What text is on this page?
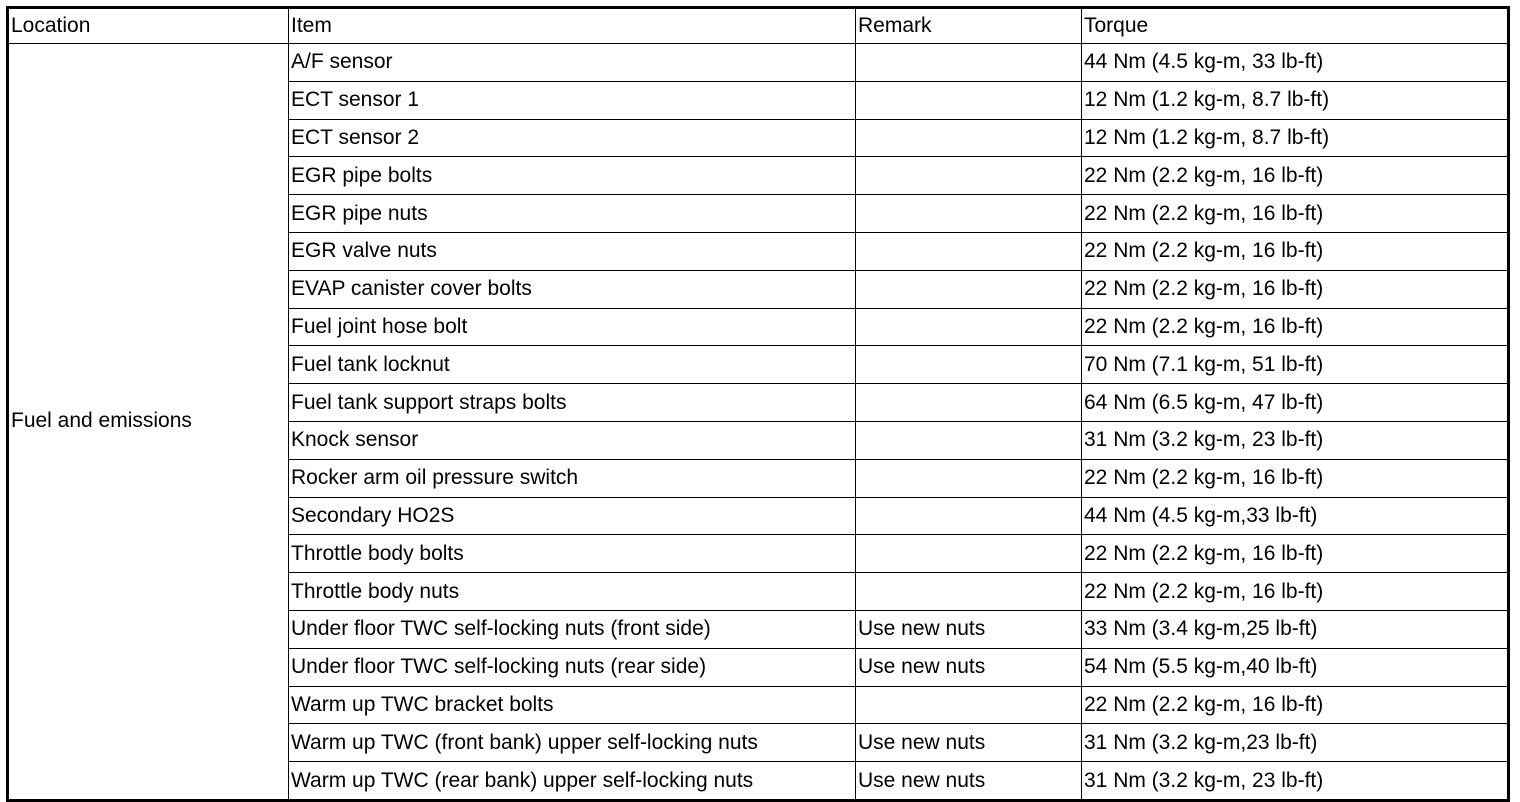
Location	Item	Remark	Torque
Fuel and emissions	A/F sensor		44 Nm (4.5 kg-m, 33 lb-ft)
	ECT sensor 1		12 Nm (1.2 kg-m, 8.7 lb-ft)
	ECT sensor 2		12 Nm (1.2 kg-m, 8.7 lb-ft)
	EGR pipe bolts		22 Nm (2.2 kg-m, 16 lb-ft)
	EGR pipe nuts		22 Nm (2.2 kg-m, 16 lb-ft)
	EGR valve nuts		22 Nm (2.2 kg-m, 16 lb-ft)
	EVAP canister cover bolts		22 Nm (2.2 kg-m, 16 lb-ft)
	Fuel joint hose bolt		22 Nm (2.2 kg-m, 16 lb-ft)
	Fuel tank locknut		70 Nm (7.1 kg-m, 51 lb-ft)
	Fuel tank support straps bolts		64 Nm (6.5 kg-m, 47 lb-ft)
	Knock sensor		31 Nm (3.2 kg-m, 23 lb-ft)
	Rocker arm oil pressure switch		22 Nm (2.2 kg-m, 16 lb-ft)
	Secondary HO2S		44 Nm (4.5 kg-m,33 lb-ft)
	Throttle body bolts		22 Nm (2.2 kg-m, 16 lb-ft)
	Throttle body nuts		22 Nm (2.2 kg-m, 16 lb-ft)
	Under floor TWC self-locking nuts (front side)	Use new nuts	33 Nm (3.4 kg-m,25 lb-ft)
	Under floor TWC self-locking nuts (rear side)	Use new nuts	54 Nm (5.5 kg-m,40 lb-ft)
	Warm up TWC bracket bolts		22 Nm (2.2 kg-m, 16 lb-ft)
	Warm up TWC (front bank) upper self-locking nuts	Use new nuts	31 Nm (3.2 kg-m,23 lb-ft)
	Warm up TWC (rear bank) upper self-locking nuts	Use new nuts	31 Nm (3.2 kg-m, 23 lb-ft)
